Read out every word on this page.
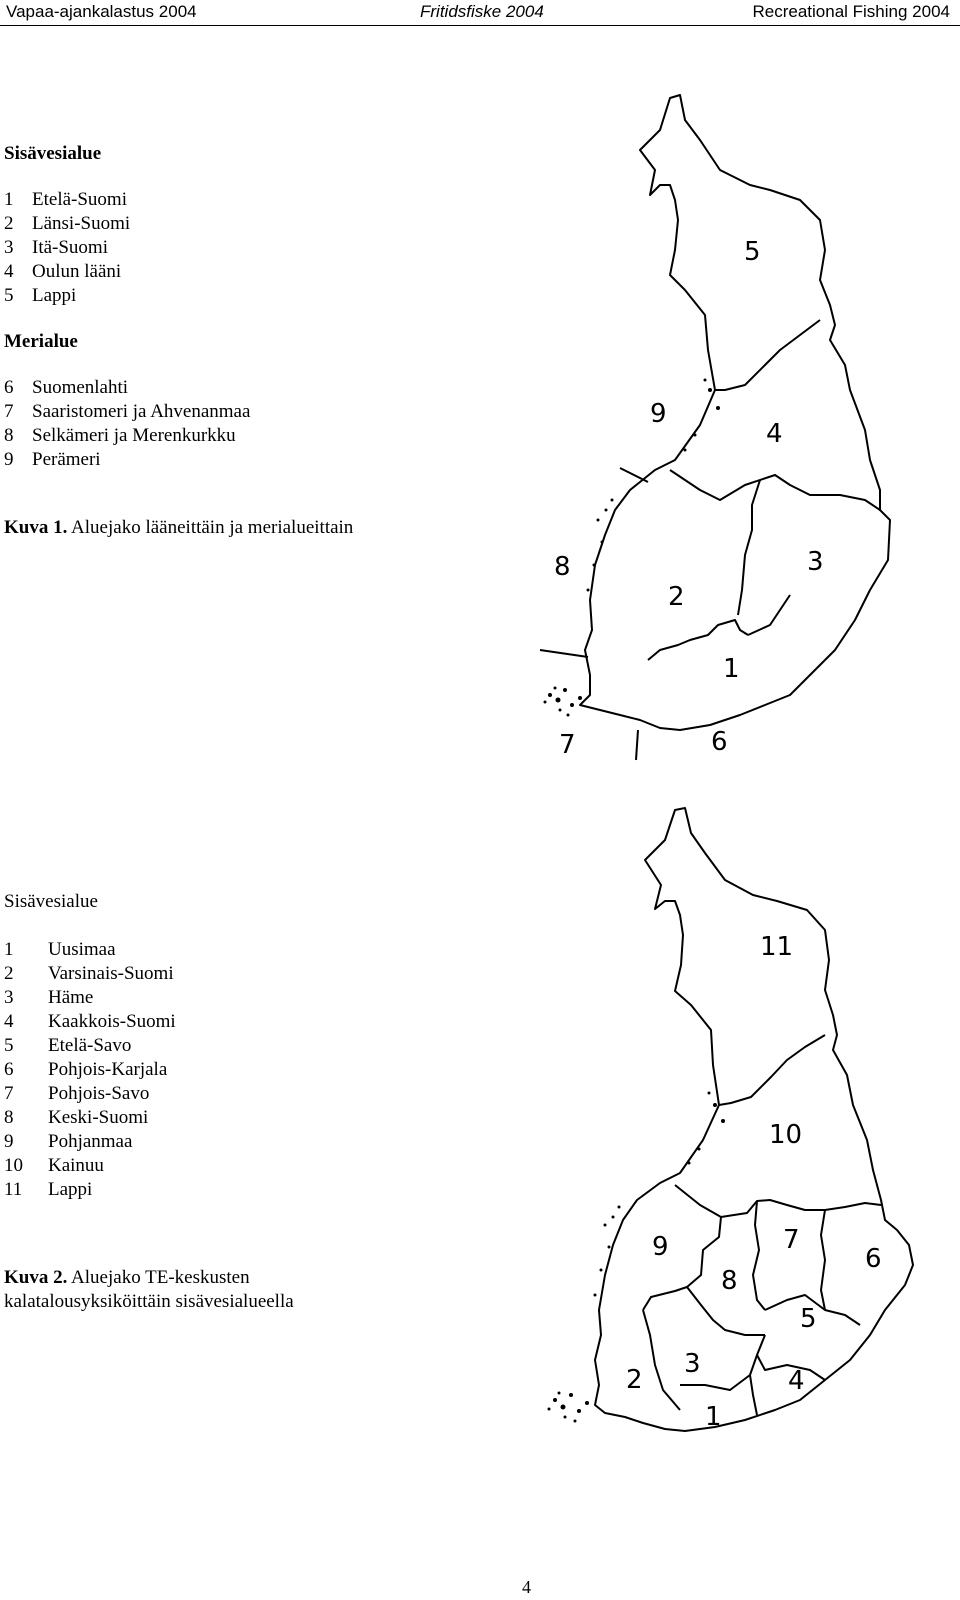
Vapaa-ajankalastus 2004	Fritidsfiske 2004	Recreational Fishing 2004

Sisävesialue

1 Etelä-Suomi
2 Länsi-Suomi
3 Itä-Suomi
4 Oulun lääni
5 Lappi

Merialue

6 Suomenlahti
7 Saaristomeri ja Ahvenanmaa
8 Selkämeri ja Merenkurkku
9 Perämeri

Kuva 1. Aluejako lääneittäin ja merialueittain

5
9
4
8	3
2
1
7	6

Sisävesialue

1	Uusimaa
2	Varsinais-Suomi
3	Häme
4	Kaakkois-Suomi
5	Etelä-Savo
6	Pohjois-Karjala
7	Pohjois-Savo
8	Keski-Suomi
9	Pohjanmaa
10	Kainuu
11	Lappi

Kuva 2. Aluejako TE-keskusten
kalatalousyksiköittäin sisävesialueella

11
10
9	7
6
8
5
3
2	4
1
4
